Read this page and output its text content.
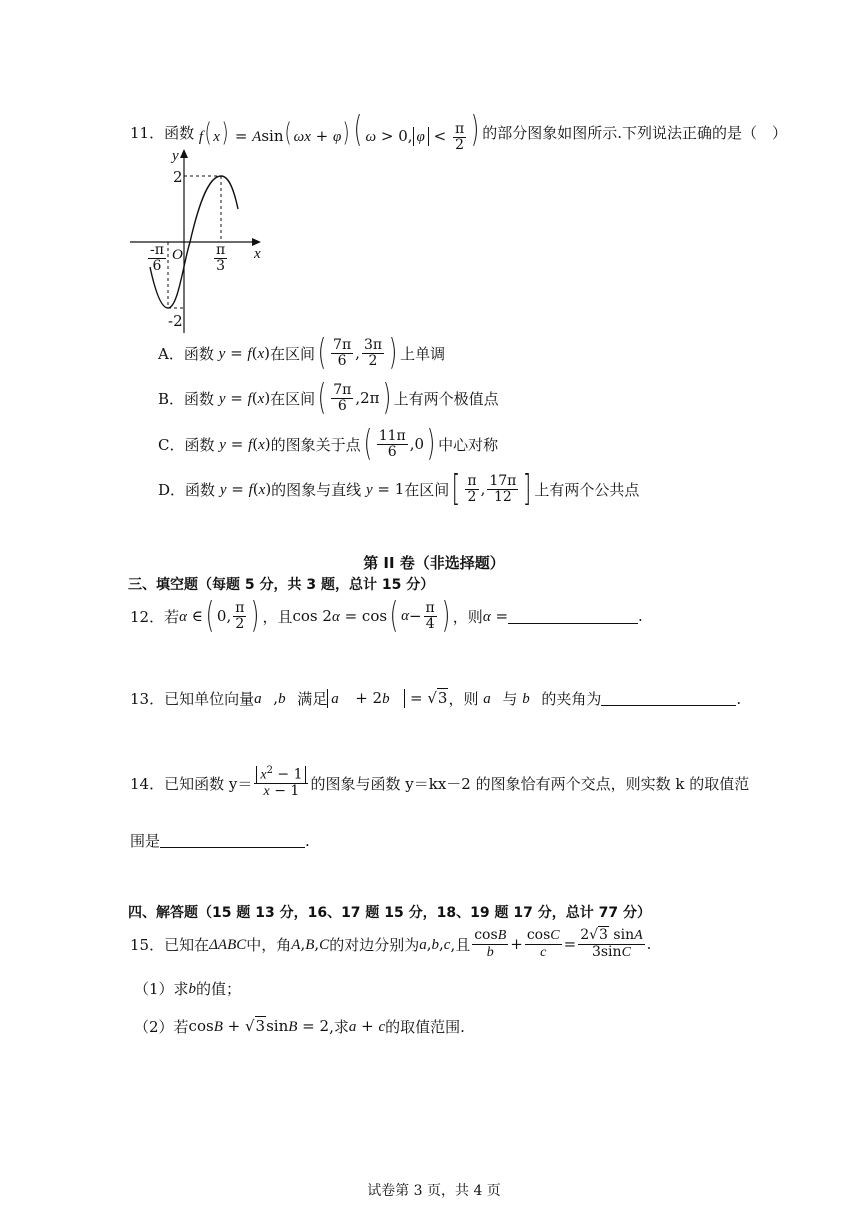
11． 函数 f( x) = Asin( ωx + φ) ( ω > 0, $\varphi < \frac{\pi}{2}$ ) 的部分图象如图所示.下列说法正确的是（　）
y
x
O
2
-2
$\frac{-\pi}{6}$	$\frac{\pi}{3}$
A． 函数 y = f(x) 在区间 ( $\frac{7\pi}{6}$ , $\frac{3\pi}{2}$ ) 上单调
B． 函数 y = f(x) 在区间 ( $\frac{7\pi}{6} ,2\pi$ ) 上有两个极值点
C． 函数 y = f(x) 的图象关于点 ( $\frac{11\pi}{6} ,0$ ) 中心对称
D． 函数 y = f(x) 的图象与直线 y = 1 在区间 [ $\frac{\pi}{2}$ , $\frac{17\pi}{12}$ ] 上有两个公共点
第 II 卷（非选择题）
三、填空题（每题 5 分，共 3 题，总计 15 分）
12． 若 α ∈ ( 0, $\frac{\pi}{2}$ ) ，且 cos 2α = cos ( $\alpha - \frac{\pi}{4}$ ) ，则 α =	.
13． 已知单位向量 a⃗,b⃗ 满足 a⃗ + 2b⃗ = √3 ，则 a⃗ 与 b⃗ 的夹角为	.
14． 已知函数 $y= \frac{x^2 - 1}{x - 1}$ 的图象与函数 y＝kx－2 的图象恰有两个交点，则实数 k 的取值范
围是	.
四、解答题（15 题 13 分，16、17 题 15 分，18、19 题 17 分，总计 77 分）
15． 已知在 ΔABC 中，角 A,B,C 的对边分别为 a,b,c ,且 $\frac{\cos B}{b} + \frac{\cos C}{c} = \frac{2√3 \sin A}{3\sin C}$ .
（1）求 b 的值；
（2）若 cosB + √3sinB = 2 ,求 a + c 的取值范围.
试卷第 3 页，共 4 页
